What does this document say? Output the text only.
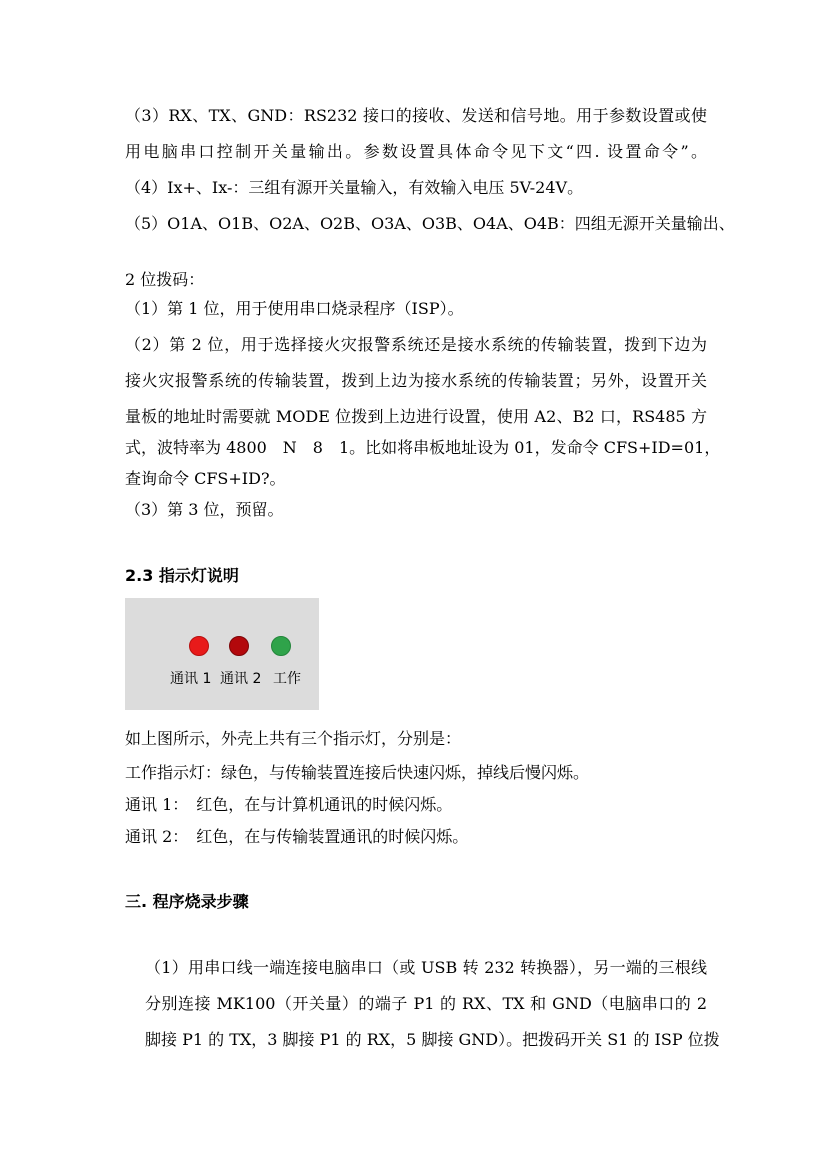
（3）RX、TX、GND：RS232 接口的接收、发送和信号地。用于参数设置或使
用电脑串口控制开关量输出。参数设置具体命令见下文“四. 设置命令”。
（4）Ix+、Ix-：三组有源开关量输入，有效输入电压 5V-24V。
（5）O1A、O1B、O2A、O2B、O3A、O3B、O4A、O4B：四组无源开关量输出、
2 位拨码：
（1）第 1 位，用于使用串口烧录程序（ISP）。
（2）第 2 位，用于选择接火灾报警系统还是接水系统的传输装置，拨到下边为
接火灾报警系统的传输装置，拨到上边为接水系统的传输装置；另外，设置开关
量板的地址时需要就 MODE 位拨到上边进行设置，使用 A2、B2 口，RS485 方
式，波特率为 4800　N　8　1。比如将串板地址设为 01，发命令 CFS+ID=01，
查询命令 CFS+ID?。
（3）第 3 位，预留。
2.3 指示灯说明
通讯 1 通讯 2 工作
如上图所示，外壳上共有三个指示灯，分别是：
工作指示灯：绿色，与传输装置连接后快速闪烁，掉线后慢闪烁。
通讯 1：　红色，在与计算机通讯的时候闪烁。
通讯 2：　红色，在与传输装置通讯的时候闪烁。
三. 程序烧录步骤
（1）用串口线一端连接电脑串口（或 USB 转 232 转换器），另一端的三根线
分别连接 MK100（开关量）的端子 P1 的 RX、TX 和 GND（电脑串口的 2
脚接 P1 的 TX，3 脚接 P1 的 RX，5 脚接 GND）。把拨码开关 S1 的 ISP 位拨
